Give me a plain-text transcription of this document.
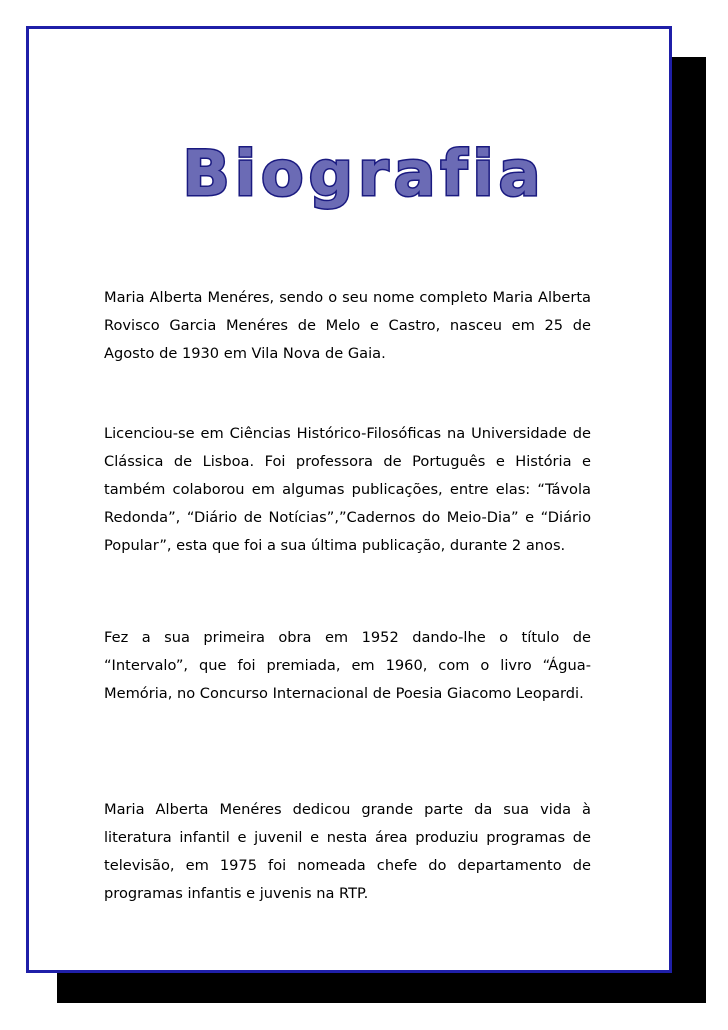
Biografia

Maria Alberta Menéres, sendo o seu nome completo Maria Alberta Rovisco Garcia Menéres de Melo e Castro, nasceu em 25 de Agosto de 1930 em Vila Nova de Gaia.

Licenciou-se em Ciências Histórico-Filosóficas na Universidade de Clássica de Lisboa. Foi professora de Português e História e também colaborou em algumas publicações, entre elas: “Távola Redonda”, “Diário de Notícias”,”Cadernos do Meio-Dia” e “Diário Popular”, esta que foi a sua última publicação, durante 2 anos.

Fez a sua primeira obra em 1952 dando-lhe o título de “Intervalo”, que foi premiada, em 1960, com o livro “Água-Memória, no Concurso Internacional de Poesia Giacomo Leopardi.

Maria Alberta Menéres dedicou grande parte da sua vida à literatura infantil e juvenil e nesta área produziu programas de televisão, em 1975 foi nomeada chefe do departamento de programas infantis e juvenis na RTP.
